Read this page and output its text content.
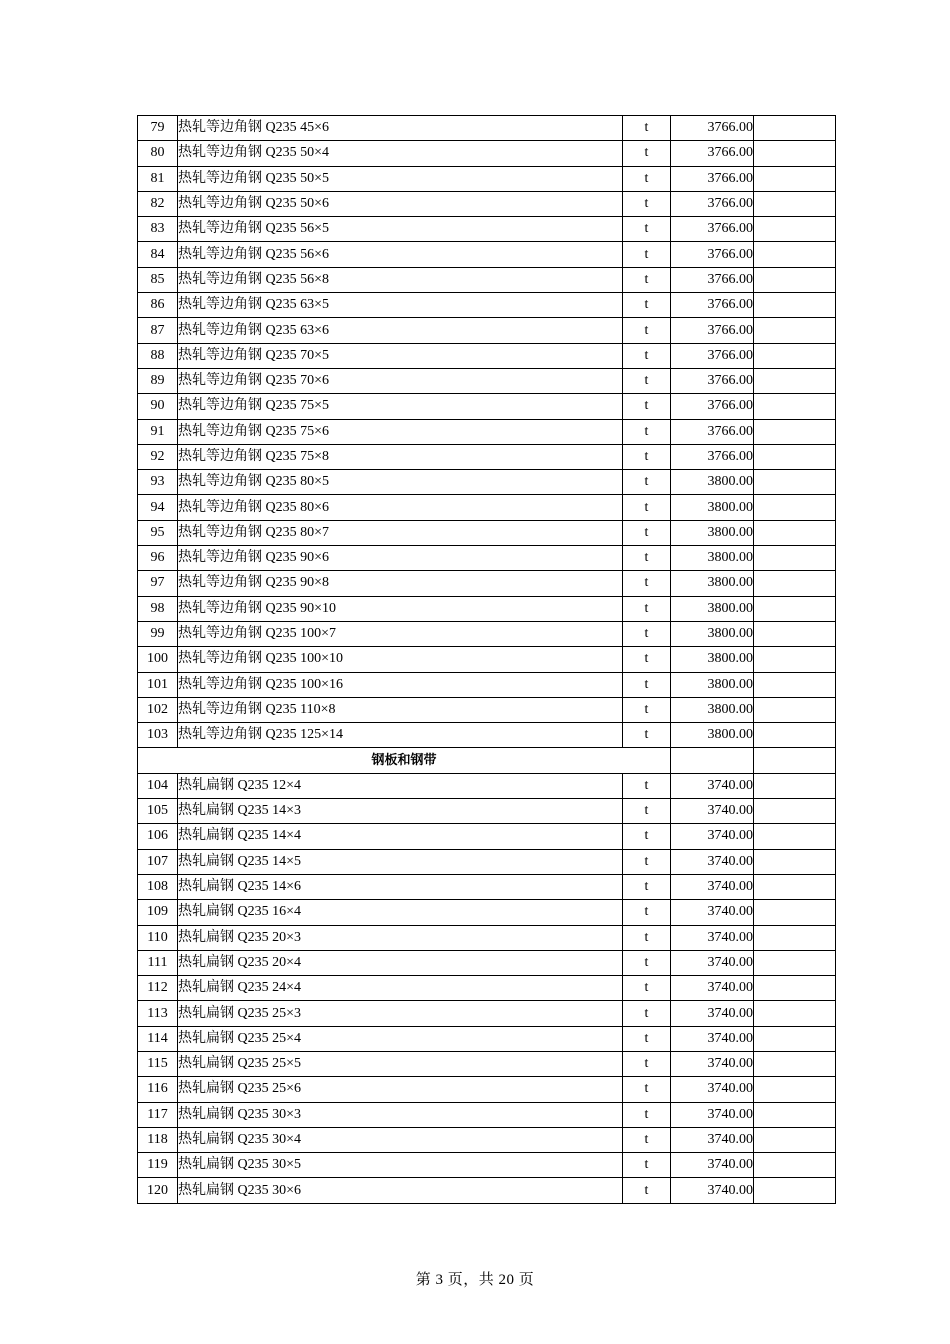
79	热轧等边角钢 Q235 45×6	t	3766.00	
80	热轧等边角钢 Q235 50×4	t	3766.00	
81	热轧等边角钢 Q235 50×5	t	3766.00	
82	热轧等边角钢 Q235 50×6	t	3766.00	
83	热轧等边角钢 Q235 56×5	t	3766.00	
84	热轧等边角钢 Q235 56×6	t	3766.00	
85	热轧等边角钢 Q235 56×8	t	3766.00	
86	热轧等边角钢 Q235 63×5	t	3766.00	
87	热轧等边角钢 Q235 63×6	t	3766.00	
88	热轧等边角钢 Q235 70×5	t	3766.00	
89	热轧等边角钢 Q235 70×6	t	3766.00	
90	热轧等边角钢 Q235 75×5	t	3766.00	
91	热轧等边角钢 Q235 75×6	t	3766.00	
92	热轧等边角钢 Q235 75×8	t	3766.00	
93	热轧等边角钢 Q235 80×5	t	3800.00	
94	热轧等边角钢 Q235 80×6	t	3800.00	
95	热轧等边角钢 Q235 80×7	t	3800.00	
96	热轧等边角钢 Q235 90×6	t	3800.00	
97	热轧等边角钢 Q235 90×8	t	3800.00	
98	热轧等边角钢 Q235 90×10	t	3800.00	
99	热轧等边角钢 Q235 100×7	t	3800.00	
100	热轧等边角钢 Q235 100×10	t	3800.00	
101	热轧等边角钢 Q235 100×16	t	3800.00	
102	热轧等边角钢 Q235 110×8	t	3800.00	
103	热轧等边角钢 Q235 125×14	t	3800.00	
钢板和钢带				
104	热轧扁钢 Q235 12×4	t	3740.00	
105	热轧扁钢 Q235 14×3	t	3740.00	
106	热轧扁钢 Q235 14×4	t	3740.00	
107	热轧扁钢 Q235 14×5	t	3740.00	
108	热轧扁钢 Q235 14×6	t	3740.00	
109	热轧扁钢 Q235 16×4	t	3740.00	
110	热轧扁钢 Q235 20×3	t	3740.00	
111	热轧扁钢 Q235 20×4	t	3740.00	
112	热轧扁钢 Q235 24×4	t	3740.00	
113	热轧扁钢 Q235 25×3	t	3740.00	
114	热轧扁钢 Q235 25×4	t	3740.00	
115	热轧扁钢 Q235 25×5	t	3740.00	
116	热轧扁钢 Q235 25×6	t	3740.00	
117	热轧扁钢 Q235 30×3	t	3740.00	
118	热轧扁钢 Q235 30×4	t	3740.00	
119	热轧扁钢 Q235 30×5	t	3740.00	
120	热轧扁钢 Q235 30×6	t	3740.00	
第 3 页，共 20 页
